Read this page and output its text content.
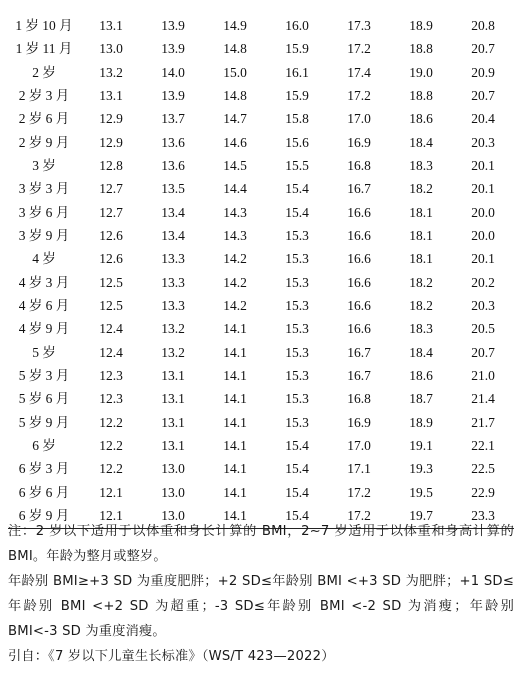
1 岁 10 月	13.1	13.9	14.9	16.0	17.3	18.9	20.8
1 岁 11 月	13.0	13.9	14.8	15.9	17.2	18.8	20.7
2 岁	13.2	14.0	15.0	16.1	17.4	19.0	20.9
2 岁 3 月	13.1	13.9	14.8	15.9	17.2	18.8	20.7
2 岁 6 月	12.9	13.7	14.7	15.8	17.0	18.6	20.4
2 岁 9 月	12.9	13.6	14.6	15.6	16.9	18.4	20.3
3 岁	12.8	13.6	14.5	15.5	16.8	18.3	20.1
3 岁 3 月	12.7	13.5	14.4	15.4	16.7	18.2	20.1
3 岁 6 月	12.7	13.4	14.3	15.4	16.6	18.1	20.0
3 岁 9 月	12.6	13.4	14.3	15.3	16.6	18.1	20.0
4 岁	12.6	13.3	14.2	15.3	16.6	18.1	20.1
4 岁 3 月	12.5	13.3	14.2	15.3	16.6	18.2	20.2
4 岁 6 月	12.5	13.3	14.2	15.3	16.6	18.2	20.3
4 岁 9 月	12.4	13.2	14.1	15.3	16.6	18.3	20.5
5 岁	12.4	13.2	14.1	15.3	16.7	18.4	20.7
5 岁 3 月	12.3	13.1	14.1	15.3	16.7	18.6	21.0
5 岁 6 月	12.3	13.1	14.1	15.3	16.8	18.7	21.4
5 岁 9 月	12.2	13.1	14.1	15.3	16.9	18.9	21.7
6 岁	12.2	13.1	14.1	15.4	17.0	19.1	22.1
6 岁 3 月	12.2	13.0	14.1	15.4	17.1	19.3	22.5
6 岁 6 月	12.1	13.0	14.1	15.4	17.2	19.5	22.9
6 岁 9 月	12.1	13.0	14.1	15.4	17.2	19.7	23.3

注：2 岁以下适用于以体重和身长计算的 BMI，2~7 岁适用于以体重和身高计算的 BMI。年龄为整月或整岁。

年龄别 BMI≥+3 SD 为重度肥胖；+2 SD≤年龄别 BMI <+3 SD 为肥胖；+1 SD≤年龄别 BMI <+2 SD 为超重；-3 SD≤年龄别 BMI <-2 SD 为消瘦；年龄别 BMI<-3 SD 为重度消瘦。

引自：《7 岁以下儿童生长标准》（WS/T 423—2022）
